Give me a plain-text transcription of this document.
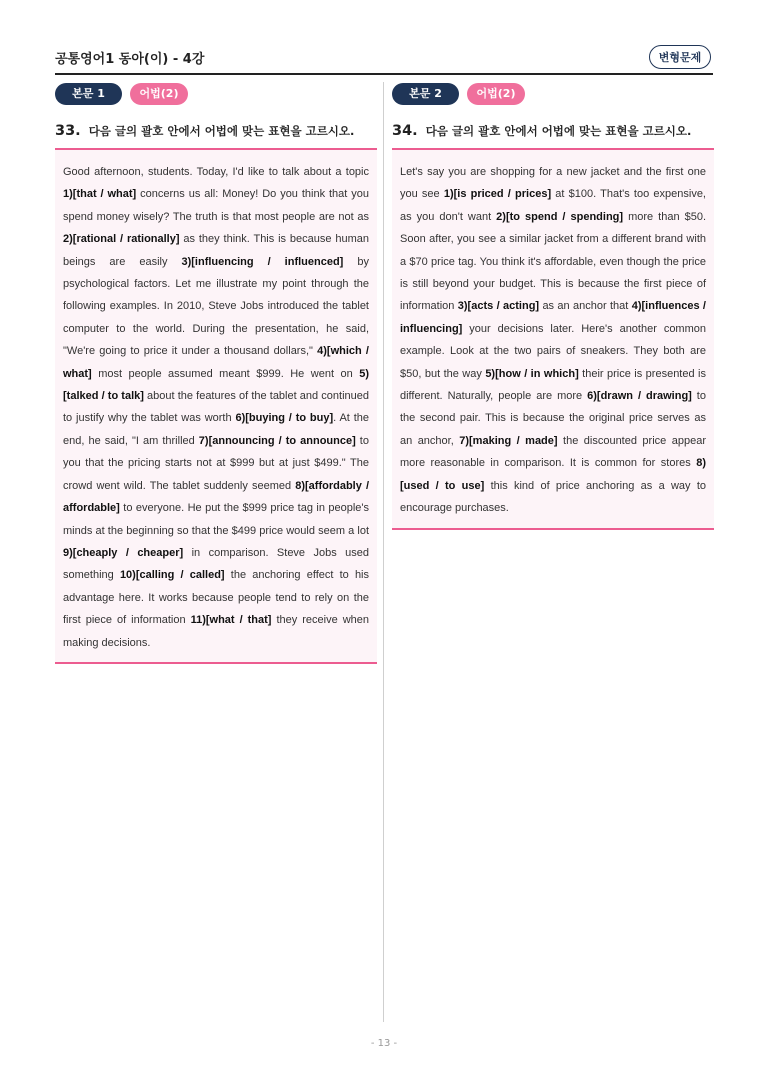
공통영어1 동아(이) - 4강	변형문제
본문 1	어법(2)
33. 다음 글의 괄호 안에서 어법에 맞는 표현을 고르시오.

Good afternoon, students. Today, I'd like to talk about a topic 1)[that / what] concerns us all: Money! Do you think that you spend money wisely? The truth is that most people are not as 2)[rational / rationally] as they think. This is because human beings are easily 3)[influencing / influenced] by psychological factors. Let me illustrate my point through the following examples. In 2010, Steve Jobs introduced the tablet computer to the world. During the presentation, he said, "We're going to price it under a thousand dollars," 4)[which / what] most people assumed meant $999. He went on 5)[talked / to talk] about the features of the tablet and continued to justify why the tablet was worth 6)[buying / to buy]. At the end, he said, "I am thrilled 7)[announcing / to announce] to you that the pricing starts not at $999 but at just $499." The crowd went wild. The tablet suddenly seemed 8)[affordably / affordable] to everyone. He put the $999 price tag in people's minds at the beginning so that the $499 price would seem a lot 9)[cheaply / cheaper] in comparison. Steve Jobs used something 10)[calling / called] the anchoring effect to his advantage here. It works because people tend to rely on the first piece of information 11)[what / that] they receive when making decisions.

본문 2	어법(2)
34. 다음 글의 괄호 안에서 어법에 맞는 표현을 고르시오.

Let's say you are shopping for a new jacket and the first one you see 1)[is priced / prices] at $100. That's too expensive, as you don't want 2)[to spend / spending] more than $50. Soon after, you see a similar jacket from a different brand with a $70 price tag. You think it's affordable, even though the price is still beyond your budget. This is because the first piece of information 3)[acts / acting] as an anchor that 4)[influences / influencing] your decisions later. Here's another common example. Look at the two pairs of sneakers. They both are $50, but the way 5)[how / in which] their price is presented is different. Naturally, people are more 6)[drawn / drawing] to the second pair. This is because the original price serves as an anchor, 7)[making / made] the discounted price appear more reasonable in comparison. It is common for stores 8)[used / to use] this kind of price anchoring as a way to encourage purchases.

- 13 -
